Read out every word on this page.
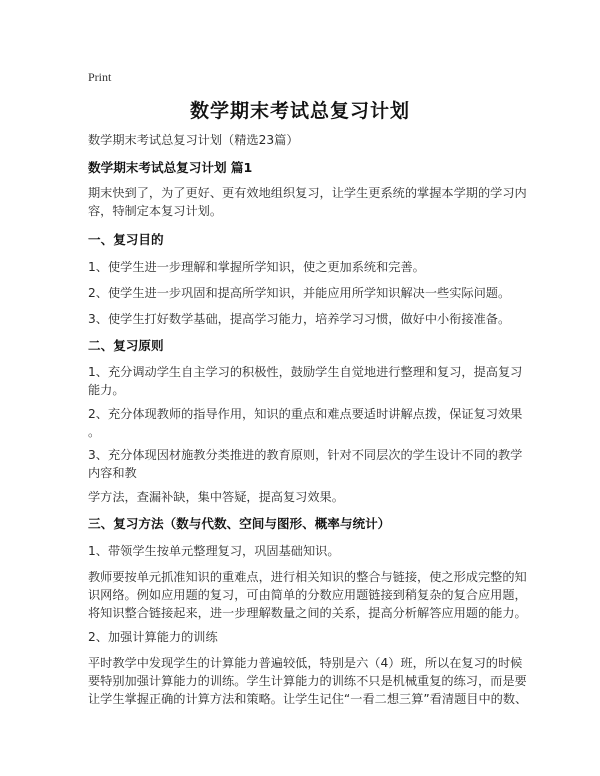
Print
数学期末考试总复习计划
数学期末考试总复习计划（精选23篇）
数学期末考试总复习计划 篇1
期末快到了，为了更好、更有效地组织复习，让学生更系统的掌握本学期的学习内
容，特制定本复习计划。
一、复习目的
1、使学生进一步理解和掌握所学知识，使之更加系统和完善。
2、使学生进一步巩固和提高所学知识，并能应用所学知识解决一些实际问题。
3、使学生打好数学基础，提高学习能力，培养学习习惯，做好中小衔接准备。
二、复习原则
1、充分调动学生自主学习的积极性，鼓励学生自觉地进行整理和复习，提高复习
能力。
2、充分体现教师的指导作用，知识的重点和难点要适时讲解点拨，保证复习效果
。
3、充分体现因材施教分类推进的教育原则，针对不同层次的学生设计不同的教学
内容和教
学方法，查漏补缺，集中答疑，提高复习效果。
三、复习方法（数与代数、空间与图形、概率与统计）
1、带领学生按单元整理复习，巩固基础知识。
教师要按单元抓准知识的重难点，进行相关知识的整合与链接，使之形成完整的知
识网络。例如应用题的复习，可由简单的分数应用题链接到稍复杂的复合应用题，
将知识整合链接起来，进一步理解数量之间的关系，提高分析解答应用题的能力。
2、加强计算能力的训练
平时教学中发现学生的计算能力普遍较低，特别是六（4）班，所以在复习的时候
要特别加强计算能力的训练。学生计算能力的训练不只是机械重复的练习，而是要
让学生掌握正确的计算方法和策略。让学生记住“一看二想三算”看清题目中的数、
